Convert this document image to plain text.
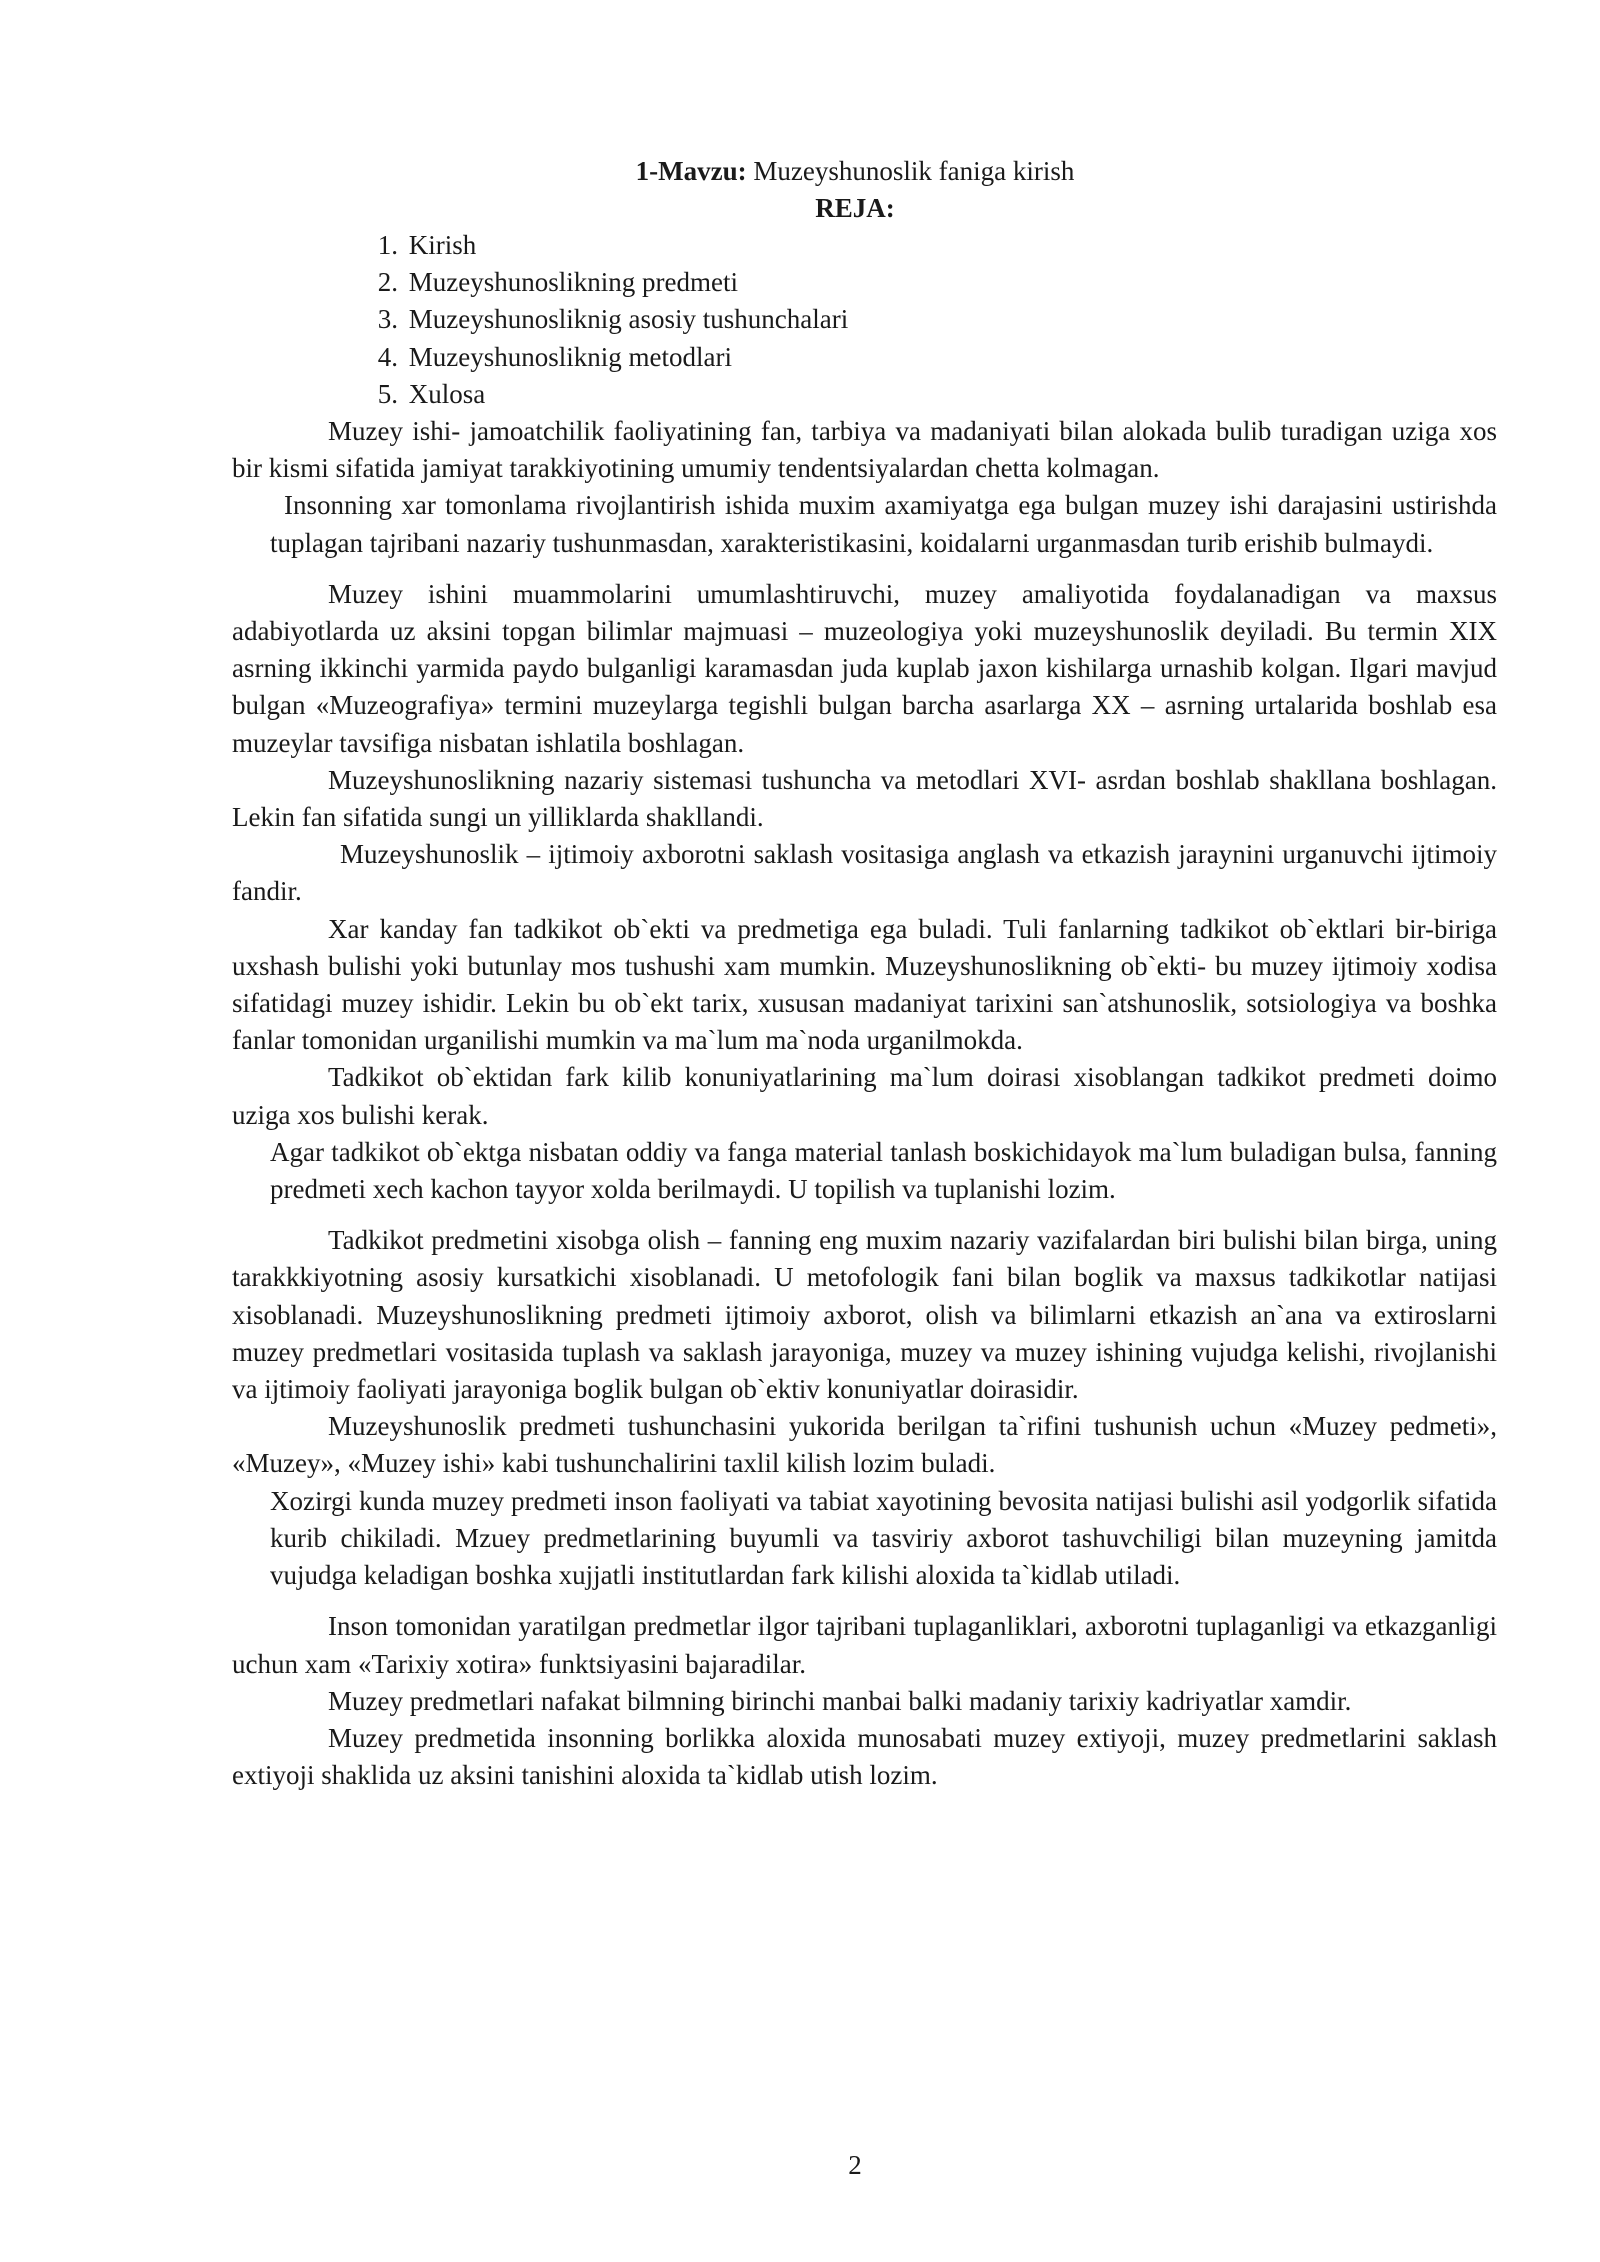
1-Mavzu: Muzeyshunoslik faniga kirish
REJA:
1. Kirish
2. Muzeyshunoslikning predmeti
3. Muzeyshunosliknig asosiy tushunchalari
4. Muzeyshunosliknig metodlari
5. Xulosa

Muzey ishi- jamoatchilik faoliyatining fan, tarbiya va madaniyati bilan alokada bulib turadigan uziga xos bir kismi sifatida jamiyat tarakkiyotining umumiy tendentsiyalardan chetta kolmagan.

Insonning xar tomonlama rivojlantirish ishida muxim axamiyatga ega bulgan muzey ishi darajasini ustirishda tuplagan tajribani nazariy tushunmasdan, xarakteristikasini, koidalarni urganmasdan turib erishib bulmaydi.

Muzey ishini muammolarini umumlashtiruvchi, muzey amaliyotida foydalanadigan va maxsus adabiyotlarda uz aksini topgan bilimlar majmuasi – muzeologiya yoki muzeyshunoslik deyiladi. Bu termin XIX asrning ikkinchi yarmida paydo bulganligi karamasdan juda kuplab jaxon kishilarga urnashib kolgan. Ilgari mavjud bulgan «Muzeografiya» termini muzeylarga tegishli bulgan barcha asarlarga XX – asrning urtalarida boshlab esa muzeylar tavsifiga nisbatan ishlatila boshlagan.

Muzeyshunoslikning nazariy sistemasi tushuncha va metodlari XVI- asrdan boshlab shakllana boshlagan. Lekin fan sifatida sungi un yilliklarda shakllandi.

Muzeyshunoslik – ijtimoiy axborotni saklash vositasiga anglash va etkazish jaraynini urganuvchi ijtimoiy fandir.

Xar kanday fan tadkikot ob`ekti va predmetiga ega buladi. Tuli fanlarning tadkikot ob`ektlari bir-biriga uxshash bulishi yoki butunlay mos tushushi xam mumkin. Muzeyshunoslikning ob`ekti- bu muzey ijtimoiy xodisa sifatidagi muzey ishidir. Lekin bu ob`ekt tarix, xususan madaniyat tarixini san`atshunoslik, sotsiologiya va boshka fanlar tomonidan urganilishi mumkin va ma`lum ma`noda urganilmokda.

Tadkikot ob`ektidan fark kilib konuniyatlarining ma`lum doirasi xisoblangan tadkikot predmeti doimo uziga xos bulishi kerak.

Agar tadkikot ob`ektga nisbatan oddiy va fanga material tanlash boskichidayok ma`lum buladigan bulsa, fanning predmeti xech kachon tayyor xolda berilmaydi. U topilish va tuplanishi lozim.

Tadkikot predmetini xisobga olish – fanning eng muxim nazariy vazifalardan biri bulishi bilan birga, uning tarakkkiyotning asosiy kursatkichi xisoblanadi. U metofologik fani bilan boglik va maxsus tadkikotlar natijasi xisoblanadi. Muzeyshunoslikning predmeti ijtimoiy axborot, olish va bilimlarni etkazish an`ana va extiroslarni muzey predmetlari vositasida tuplash va saklash jarayoniga, muzey va muzey ishining vujudga kelishi, rivojlanishi va ijtimoiy faoliyati jarayoniga boglik bulgan ob`ektiv konuniyatlar doirasidir.

Muzeyshunoslik predmeti tushunchasini yukorida berilgan ta`rifini tushunish uchun «Muzey pedmeti», «Muzey», «Muzey ishi» kabi tushunchalirini taxlil kilish lozim buladi.

Xozirgi kunda muzey predmeti inson faoliyati va tabiat xayotining bevosita natijasi bulishi asil yodgorlik sifatida kurib chikiladi. Mzuey predmetlarining buyumli va tasviriy axborot tashuvchiligi bilan muzeyning jamitda vujudga keladigan boshka xujjatli institutlardan fark kilishi aloxida ta`kidlab utiladi.

Inson tomonidan yaratilgan predmetlar ilgor tajribani tuplaganliklari, axborotni tuplaganligi va etkazganligi uchun xam «Tarixiy xotira» funktsiyasini bajaradilar.

Muzey predmetlari nafakat bilmning birinchi manbai balki madaniy tarixiy kadriyatlar xamdir.

Muzey predmetida insonning borlikka aloxida munosabati muzey extiyoji, muzey predmetlarini saklash extiyoji shaklida uz aksini tanishini aloxida ta`kidlab utish lozim.

2
